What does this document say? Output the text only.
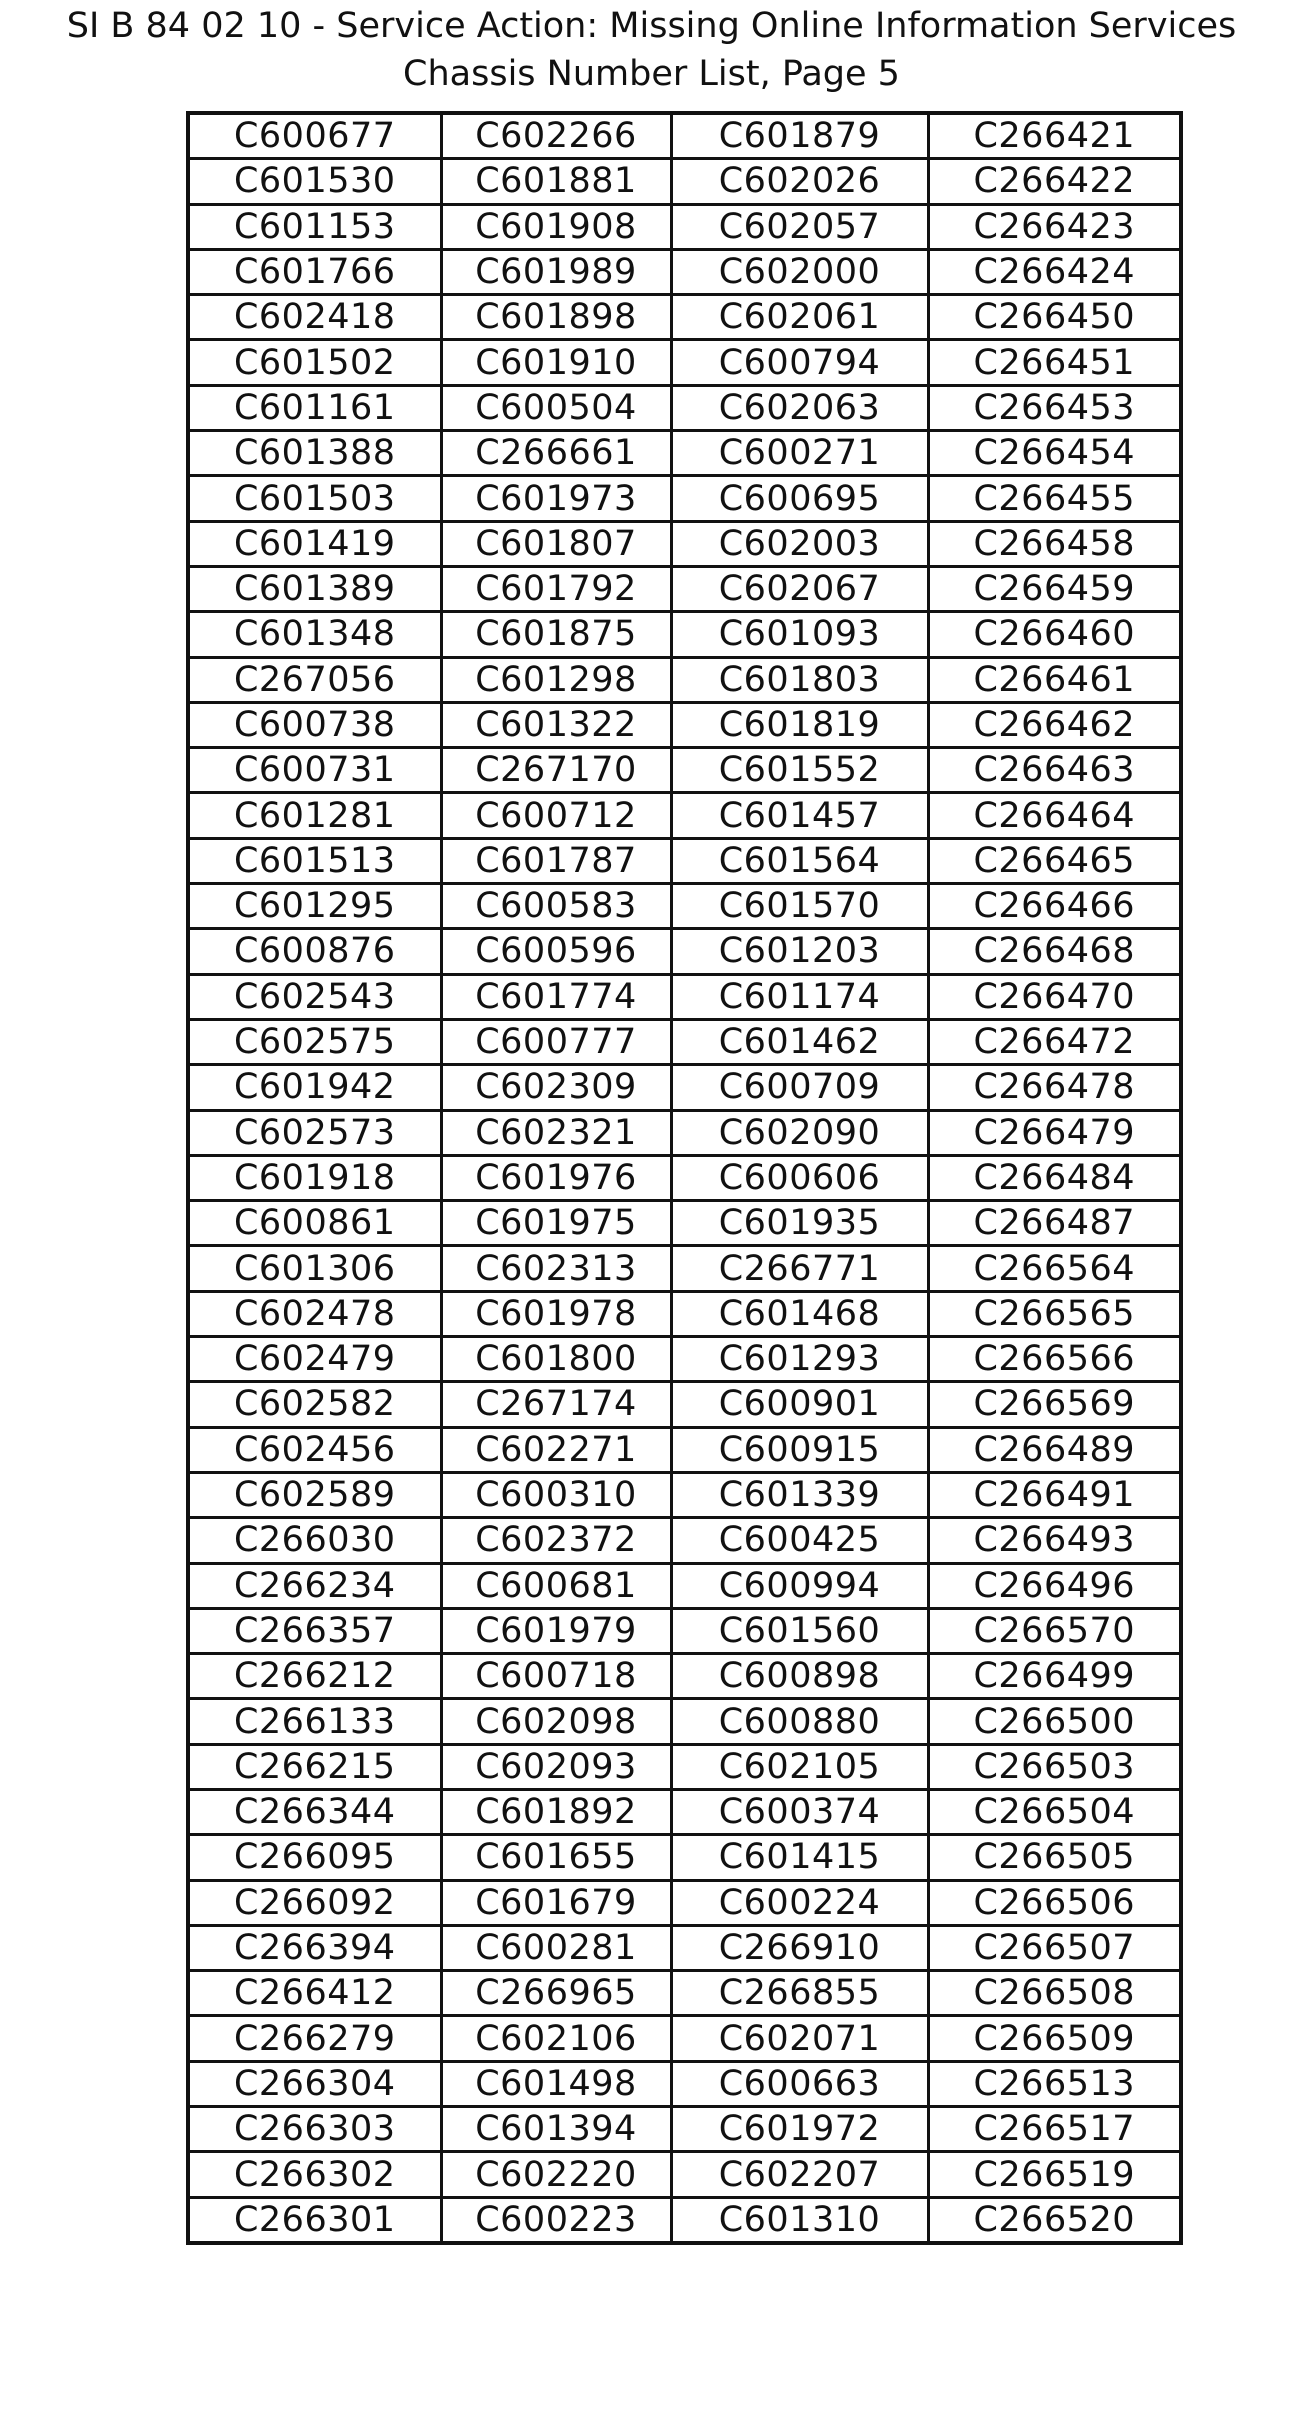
SI B 84 02 10 - Service Action: Missing Online Information Services
Chassis Number List, Page 5
C600677	C602266	C601879	C266421
C601530	C601881	C602026	C266422
C601153	C601908	C602057	C266423
C601766	C601989	C602000	C266424
C602418	C601898	C602061	C266450
C601502	C601910	C600794	C266451
C601161	C600504	C602063	C266453
C601388	C266661	C600271	C266454
C601503	C601973	C600695	C266455
C601419	C601807	C602003	C266458
C601389	C601792	C602067	C266459
C601348	C601875	C601093	C266460
C267056	C601298	C601803	C266461
C600738	C601322	C601819	C266462
C600731	C267170	C601552	C266463
C601281	C600712	C601457	C266464
C601513	C601787	C601564	C266465
C601295	C600583	C601570	C266466
C600876	C600596	C601203	C266468
C602543	C601774	C601174	C266470
C602575	C600777	C601462	C266472
C601942	C602309	C600709	C266478
C602573	C602321	C602090	C266479
C601918	C601976	C600606	C266484
C600861	C601975	C601935	C266487
C601306	C602313	C266771	C266564
C602478	C601978	C601468	C266565
C602479	C601800	C601293	C266566
C602582	C267174	C600901	C266569
C602456	C602271	C600915	C266489
C602589	C600310	C601339	C266491
C266030	C602372	C600425	C266493
C266234	C600681	C600994	C266496
C266357	C601979	C601560	C266570
C266212	C600718	C600898	C266499
C266133	C602098	C600880	C266500
C266215	C602093	C602105	C266503
C266344	C601892	C600374	C266504
C266095	C601655	C601415	C266505
C266092	C601679	C600224	C266506
C266394	C600281	C266910	C266507
C266412	C266965	C266855	C266508
C266279	C602106	C602071	C266509
C266304	C601498	C600663	C266513
C266303	C601394	C601972	C266517
C266302	C602220	C602207	C266519
C266301	C600223	C601310	C266520
